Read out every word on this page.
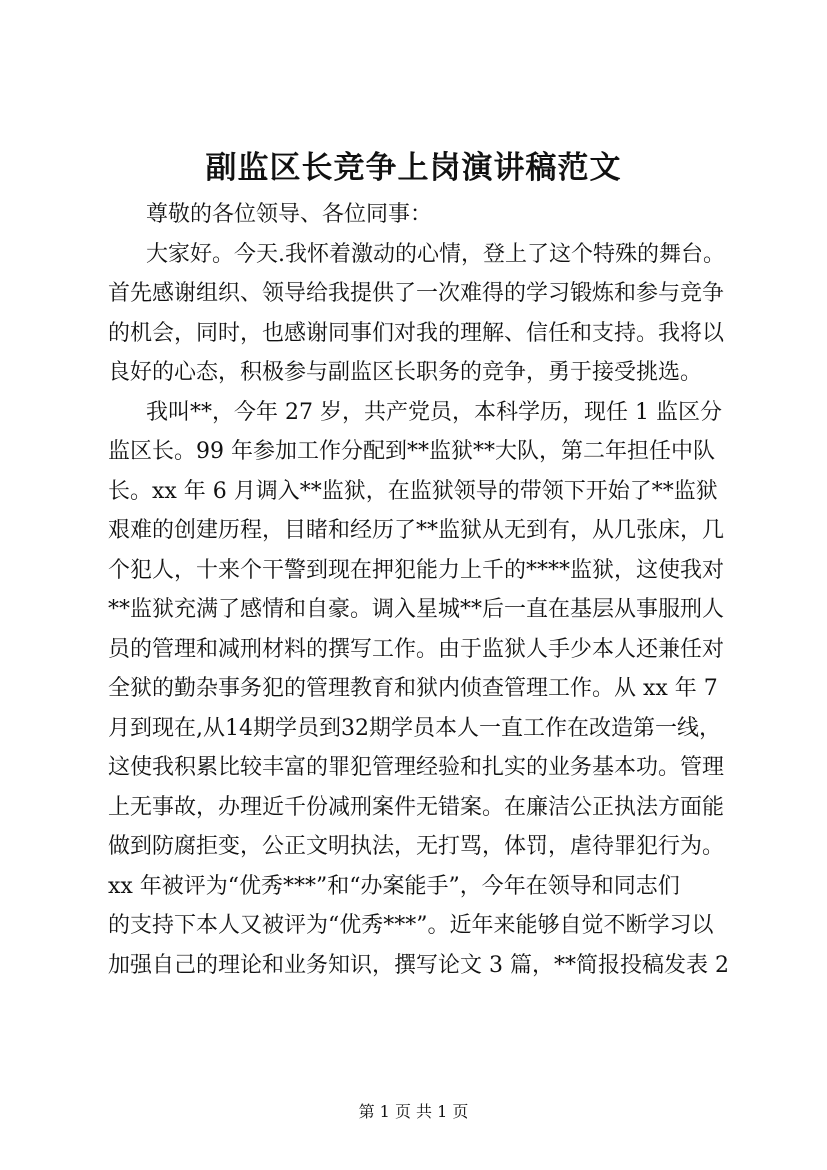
副监区长竞争上岗演讲稿范文
尊敬的各位领导、各位同事：
大家好。今天.我怀着激动的心情，登上了这个特殊的舞台。
首先感谢组织、领导给我提供了一次难得的学习锻炼和参与竞争
的机会，同时，也感谢同事们对我的理解、信任和支持。我将以
良好的心态，积极参与副监区长职务的竞争，勇于接受挑选。
我叫**，今年 27 岁，共产党员，本科学历，现任 1 监区分
监区长。99 年参加工作分配到**监狱**大队，第二年担任中队
长。xx 年 6 月调入**监狱，在监狱领导的带领下开始了**监狱
艰难的创建历程，目睹和经历了**监狱从无到有，从几张床，几
个犯人，十来个干警到现在押犯能力上千的****监狱，这使我对
**监狱充满了感情和自豪。调入星城**后一直在基层从事服刑人
员的管理和减刑材料的撰写工作。由于监狱人手少本人还兼任对
全狱的勤杂事务犯的管理教育和狱内侦查管理工作。从 xx 年 7
月到现在,从14期学员到32期学员本人一直工作在改造第一线，
这使我积累比较丰富的罪犯管理经验和扎实的业务基本功。管理
上无事故，办理近千份减刑案件无错案。在廉洁公正执法方面能
做到防腐拒变，公正文明执法，无打骂，体罚，虐待罪犯行为。
xx 年被评为“优秀***”和“办案能手”，今年在领导和同志们
的支持下本人又被评为“优秀***”。近年来能够自觉不断学习以
加强自己的理论和业务知识，撰写论文 3 篇，**简报投稿发表 2
第 1 页 共 1 页
